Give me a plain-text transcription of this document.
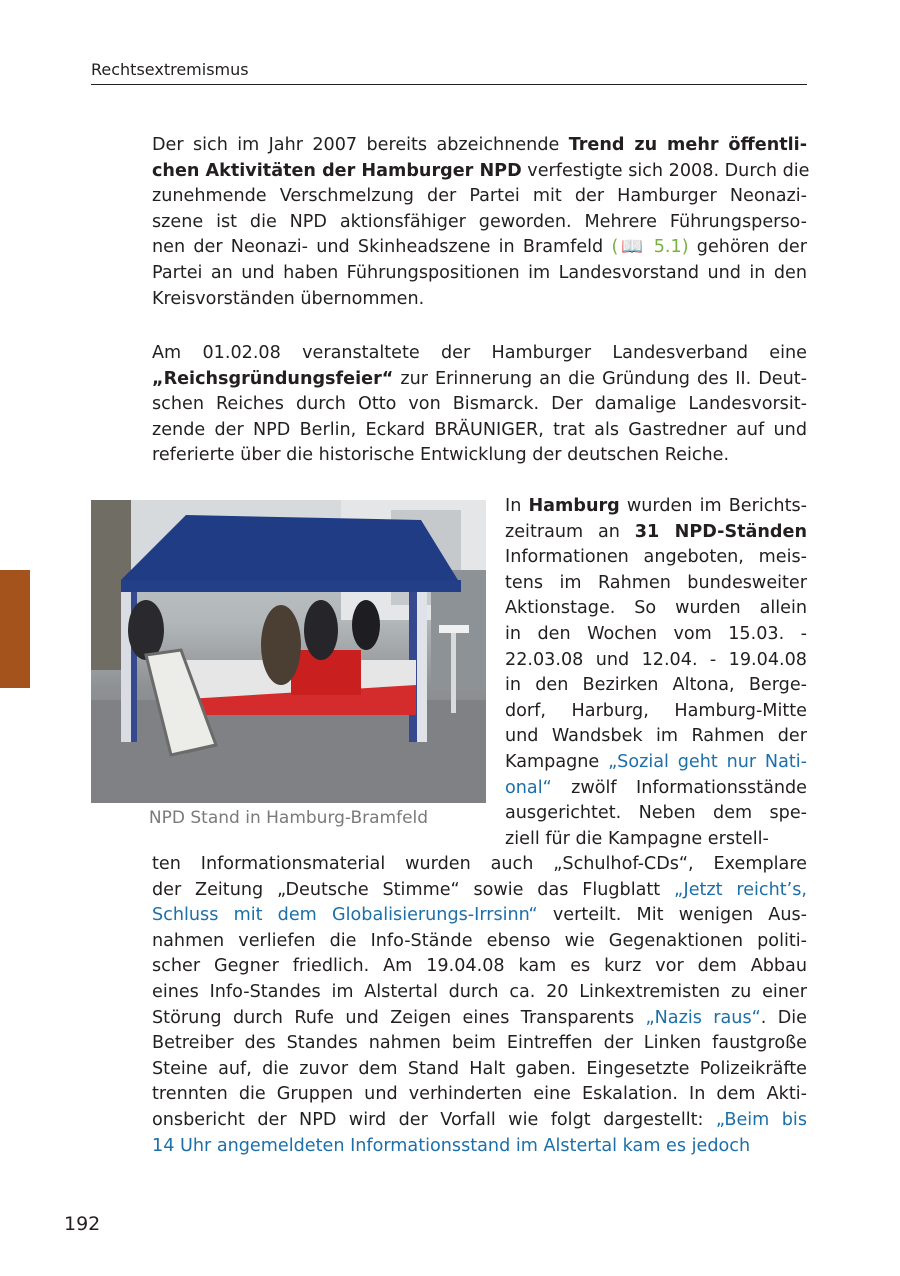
Rechtsextremismus
Der sich im Jahr 2007 bereits abzeichnende Trend zu mehr öffentli-
chen Aktivitäten der Hamburger NPD verfestigte sich 2008. Durch die
zunehmende Verschmelzung der Partei mit der Hamburger Neonazi-
szene ist die NPD aktionsfähiger geworden. Mehrere Führungsperso-
nen der Neonazi- und Skinheadszene in Bramfeld (📖 5.1) gehören der
Partei an und haben Führungspositionen im Landesvorstand und in den
Kreisvorständen übernommen.
Am 01.02.08 veranstaltete der Hamburger Landesverband eine
„Reichsgründungsfeier“ zur Erinnerung an die Gründung des II. Deut-
schen Reiches durch Otto von Bismarck. Der damalige Landesvorsit-
zende der NPD Berlin, Eckard BRÄUNIGER, trat als Gastredner auf und
referierte über die historische Entwicklung der deutschen Reiche.
NPD Stand in Hamburg-Bramfeld
In Hamburg wurden im Berichts-
zeitraum an 31 NPD-Ständen
Informationen angeboten, meis-
tens im Rahmen bundesweiter
Aktionstage. So wurden allein
in den Wochen vom 15.03. -
22.03.08 und 12.04. - 19.04.08
in den Bezirken Altona, Berge-
dorf, Harburg, Hamburg-Mitte
und Wandsbek im Rahmen der
Kampagne „Sozial geht nur Nati-
onal“ zwölf Informationsstände
ausgerichtet. Neben dem spe-
ziell für die Kampagne erstell-
ten Informationsmaterial wurden auch „Schulhof-CDs“, Exemplare
der Zeitung „Deutsche Stimme“ sowie das Flugblatt „Jetzt reicht’s,
Schluss mit dem Globalisierungs-Irrsinn“ verteilt. Mit wenigen Aus-
nahmen verliefen die Info-Stände ebenso wie Gegenaktionen politi-
scher Gegner friedlich. Am 19.04.08 kam es kurz vor dem Abbau
eines Info-Standes im Alstertal durch ca. 20 Linkextremisten zu einer
Störung durch Rufe und Zeigen eines Transparents „Nazis raus“. Die
Betreiber des Standes nahmen beim Eintreffen der Linken faustgroße
Steine auf, die zuvor dem Stand Halt gaben. Eingesetzte Polizeikräfte
trennten die Gruppen und verhinderten eine Eskalation. In dem Akti-
onsbericht der NPD wird der Vorfall wie folgt dargestellt: „Beim bis
14 Uhr angemeldeten Informationsstand im Alstertal kam es jedoch
192
